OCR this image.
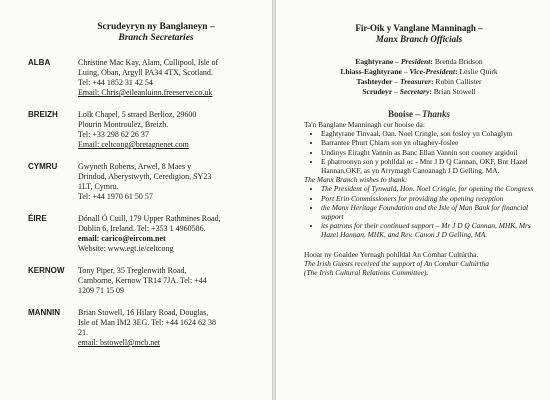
Scrudeyryn ny Banglaneyn –
Branch Secretaries
ALBA	Christine Mac Kay, Alam, Cullipool, Isle of
Luing, Oban, Argyll PA34 4TX, Scotland.
Tel: +44 1852 31 42 54
Email: Chris@eileanluinn.freeserve.co.uk
BREIZH	Loïk Chapel, 5 straed Berlioz, 29600
Plourin Montroulez, Breizh.
Tel: +33 298 62 26 37
Email: celtcong@bretagnenet.com
CYMRU	Gwyneth Roberts, Arwel, 8 Maes y
Drindod, Aberystwyth, Ceredigion, SY23
1LT, Cymru.
Tel: +44 1970 61 50 57
ÉIRE	Dónall Ó Cuill, 179 Upper Rathmines Road,
Dublin 6, Ireland. Tel: +353 1 4960586.
email: carico@eircom.net
Website: www.egt.ie/celtcong
KERNOW	Tony Piper, 35 Treglenwith Road,
Camborne, Kernow TR14 7JA. Tel: +44
1209 71 15 09
MANNIN	Brian Stowell, 16 Hilary Road, Douglas,
Isle of Man IM2 3EG. Tel: +44 1624 62 38
21.
email: bstowell@mcb.net
Fir-Oik y Vanglane Manninagh –
Manx Branch Officials
Eaghtyrane – President: Brenda Bridson
Lhiass-Eaghtyrane – Vice-President: Leslie Quirk
Tashteyder – Treasurer: Robin Callister
Scrudeyr – Secretary: Brian Stowell
Booise – Thanks
Ta'n Banglane Manninagh cur booise da:
• Eaghtyrane Tinvaal, Oan. Noel Cringle, son fosley yn Cohaglym
• Barrantee Phurt Çhiarn son yn oltaghey-foslee
• Undinys Eiraght Vannin as Banc Ellan Vannin son cooney argidoil
• E phatroonyn son y pohlldal oc - Mnr J D Q Cannan, OKF, Bnr Hazel Hannan,OKF, as yn Arrymagh Canoanagh J D Gelling, MA.
The Manx Branch wishes to thank:
• The President of Tynwald, Hon. Noel Cringle, for opening the Congress
• Port Erin Commissioners for providing the opening reception
• the Manx Heritage Foundation and the Isle of Man Bank for financial support
• its patrons for their continued support – Mr J D Q Cannan, MHK, Mrs Hazel Hannan, MHK, and Rev. Canon J D Gelling, MA.
Hooar ny Goaldee Yernagh pohlldal An Comhar Cultúrtha.
The Irish Guests received the support of An Comhar Cultúrtha
(The Irish Cultural Relations Committee).
